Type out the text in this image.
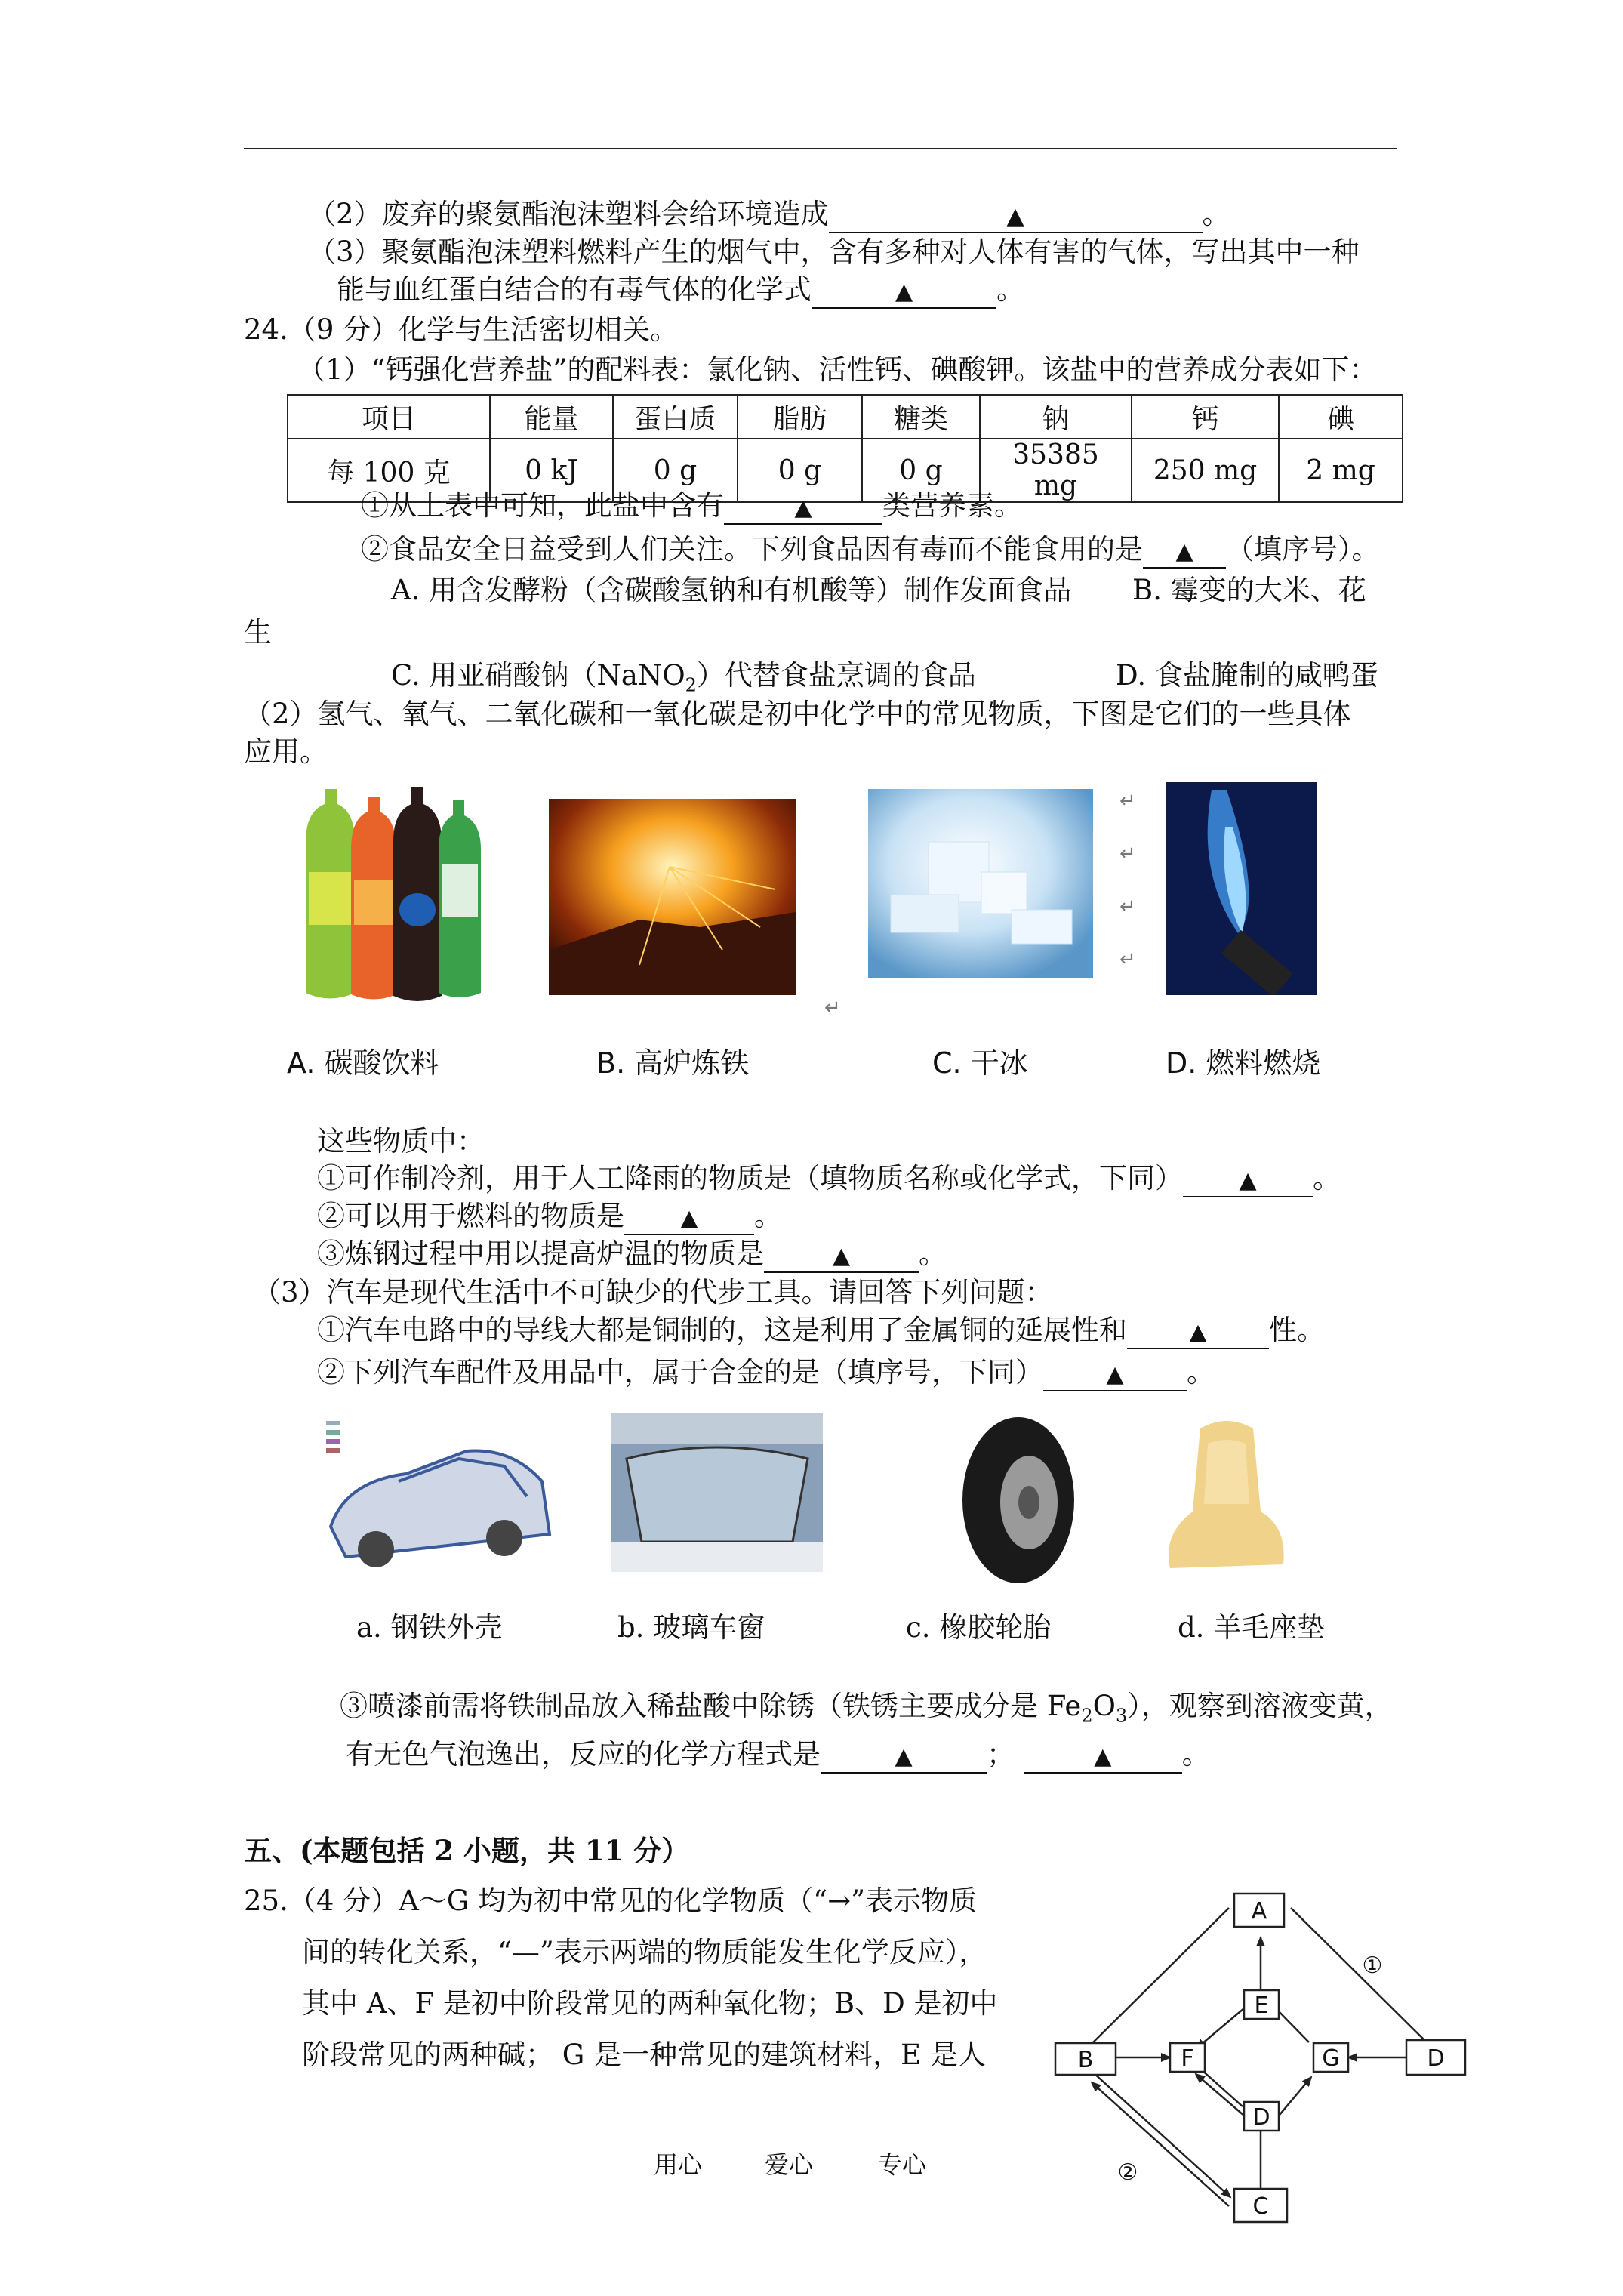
（2）废弃的聚氨酯泡沫塑料会给环境造成	▲	。
（3）聚氨酯泡沫塑料燃料产生的烟气中，含有多种对人体有害的气体，写出其中一种
能与血红蛋白结合的有毒气体的化学式	▲	。
24.（9 分）化学与生活密切相关。
（1）“钙强化营养盐”的配料表：氯化钠、活性钙、碘酸钾。该盐中的营养成分表如下：
项目	能量	蛋白质	脂肪	糖类	钠	钙	碘
每 100 克	0 kJ	0 g	0 g	0 g	35385 mg	250 mg	2 mg
①从上表中可知，此盐中含有	▲	类营养素。
②食品安全日益受到人们关注。下列食品因有毒而不能食用的是 ▲ （填序号）。
A. 用含发酵粉（含碳酸氢钠和有机酸等）制作发面食品 B. 霉变的大米、花
生
C. 用亚硝酸钠（NaNO$_2$）代替食盐烹调的食品	D. 食盐腌制的咸鸭蛋
（2）氢气、氧气、二氧化碳和一氧化碳是初中化学中的常见物质，下图是它们的一些具体
应用。
↵
↵
↵
↵
↵
A. 碳酸饮料	B. 高炉炼铁	C. 干冰	D. 燃料燃烧
这些物质中：
①可作制冷剂，用于人工降雨的物质是（填物质名称或化学式，下同） ▲ 。
②可以用于燃料的物质是 ▲ 。
③炼钢过程中用以提高炉温的物质是	▲ 。
（3）汽车是现代生活中不可缺少的代步工具。请回答下列问题：
①汽车电路中的导线大都是铜制的，这是利用了金属铜的延展性和	▲ 性。
②下列汽车配件及用品中，属于合金的是（填序号，下同）	▲ 。
a. 钢铁外壳	b. 玻璃车窗	c. 橡胶轮胎	d. 羊毛座垫
③喷漆前需将铁制品放入稀盐酸中除锈（铁锈主要成分是 $Fe_2O_3$），观察到溶液变黄，
有无色气泡逸出，反应的化学方程式是	▲	；	▲	。
五、(本题包括 2 小题，共 11 分）
25.（4 分）A～G 均为初中常见的化学物质（“→”表示物质
间的转化关系，“—”表示两端的物质能发生化学反应），
其中 A、F 是初中阶段常见的两种氧化物；B、D 是初中
阶段常见的两种碱； G 是一种常见的建筑材料，E 是人
A
E
B	F	G	D
D
C
①
②
用心	爱心	专心
